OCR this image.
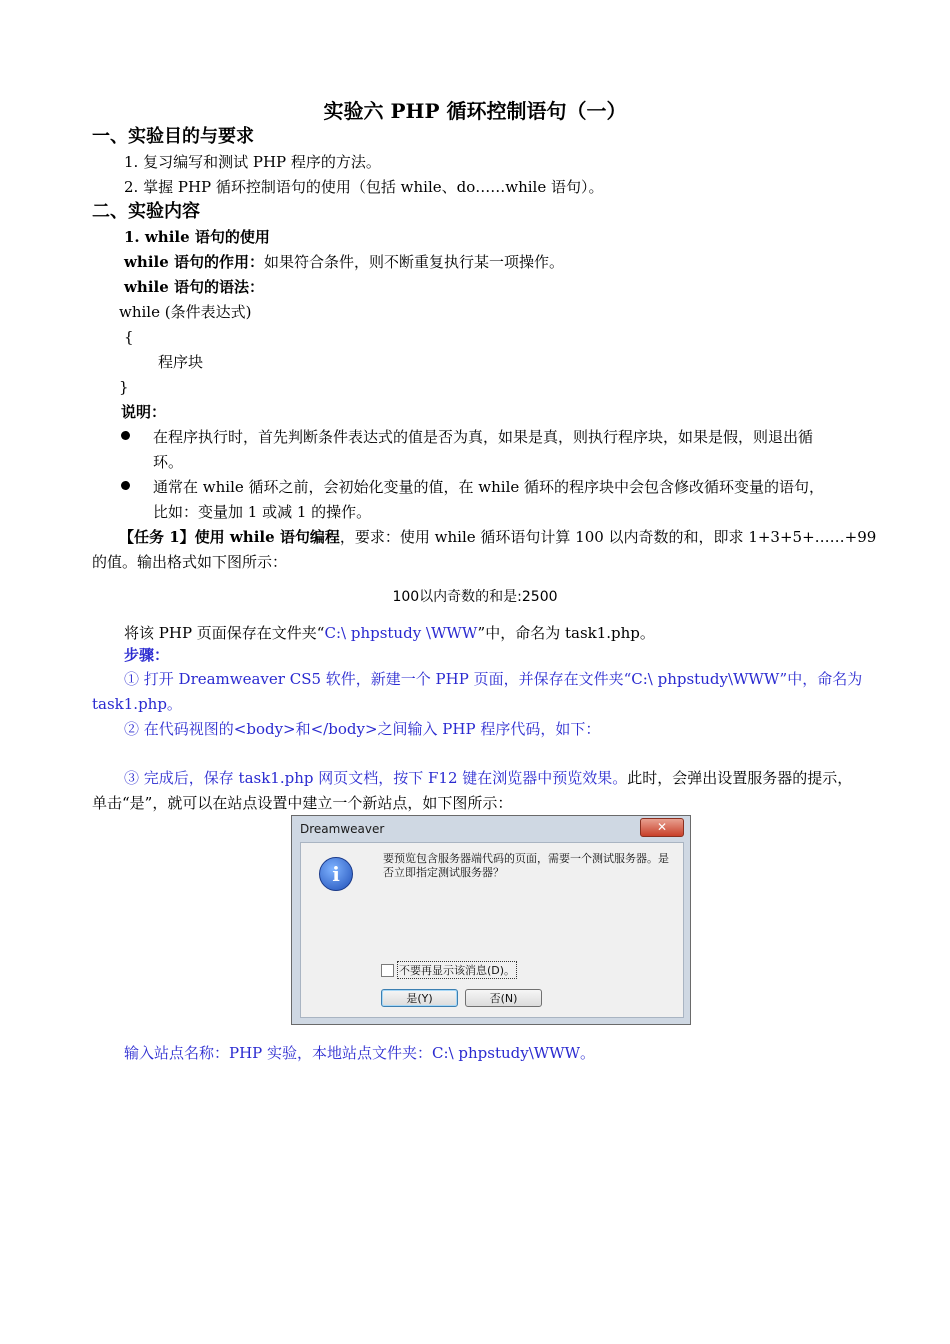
实验六 PHP 循环控制语句（一）
一、实验目的与要求
1. 复习编写和测试 PHP 程序的方法。
2. 掌握 PHP 循环控制语句的使用（包括 while、do……while 语句）。
二、实验内容
1. while 语句的使用
while 语句的作用：如果符合条件，则不断重复执行某一项操作。
while 语句的语法：
while (条件表达式)
{
程序块
}
说明：
在程序执行时，首先判断条件表达式的值是否为真，如果是真，则执行程序块，如果是假，则退出循
环。
通常在 while 循环之前，会初始化变量的值，在 while 循环的程序块中会包含修改循环变量的语句，
比如：变量加 1 或减 1 的操作。
【任务 1】使用 while 语句编程，要求：使用 while 循环语句计算 100 以内奇数的和，即求 1+3+5+……+99
的值。输出格式如下图所示：
100以内奇数的和是:2500
将该 PHP 页面保存在文件夹“C:\ phpstudy \WWW”中，命名为 task1.php。
步骤：
① 打开 Dreamweaver CS5 软件，新建一个 PHP 页面，并保存在文件夹“C:\ phpstudy\WWW”中，命名为
task1.php。
② 在代码视图的<body>和</body>之间输入 PHP 程序代码，如下：
③ 完成后，保存 task1.php 网页文档，按下 F12 键在浏览器中预览效果。此时，会弹出设置服务器的提示，
单击“是”，就可以在站点设置中建立一个新站点，如下图所示：
Dreamweaver	✕
i
要预览包含服务器端代码的页面，需要一个测试服务器。是否立即指定测试服务器？
不要再显示该消息(D)。
是(Y)	否(N)
输入站点名称：PHP 实验，本地站点文件夹：C:\ phpstudy\WWW。
